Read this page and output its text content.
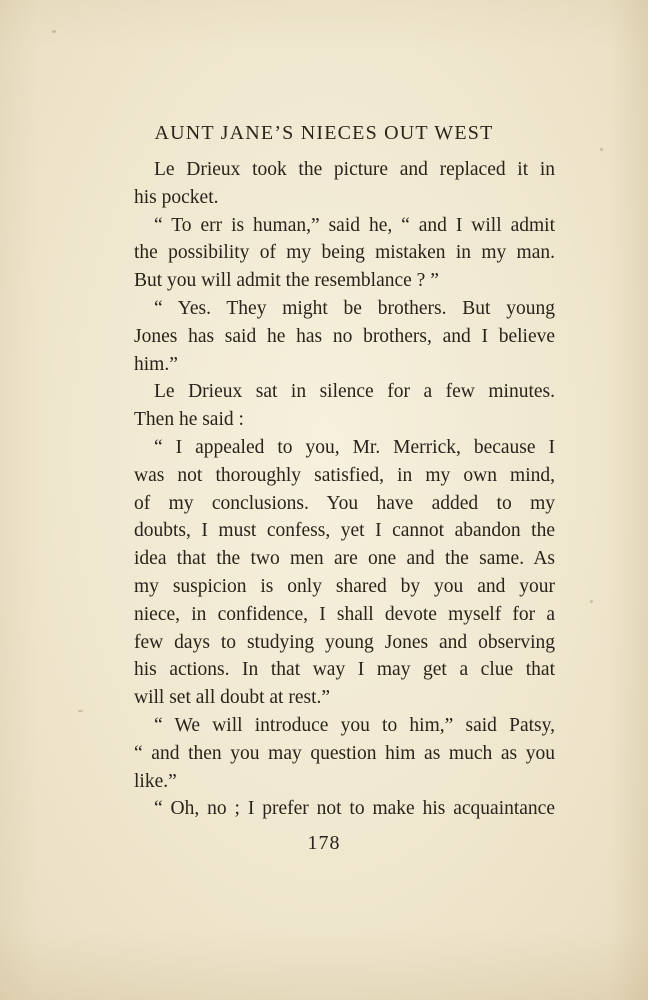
AUNT JANE’S NIECES OUT WEST
Le Drieux took the picture and replaced it in
his pocket.
“ To err is human,” said he, “ and I will admit
the possibility of my being mistaken in my man.
But you will admit the resemblance ? ”
“ Yes. They might be brothers. But young
Jones has said he has no brothers, and I believe
him.”
Le Drieux sat in silence for a few minutes.
Then he said :
“ I appealed to you, Mr. Merrick, because I
was not thoroughly satisfied, in my own mind,
of my conclusions. You have added to my
doubts, I must confess, yet I cannot abandon the
idea that the two men are one and the same. As
my suspicion is only shared by you and your
niece, in confidence, I shall devote myself for a
few days to studying young Jones and observing
his actions. In that way I may get a clue that
will set all doubt at rest.”
“ We will introduce you to him,” said Patsy,
“ and then you may question him as much as you
like.”
“ Oh, no ; I prefer not to make his acquaintance
178
